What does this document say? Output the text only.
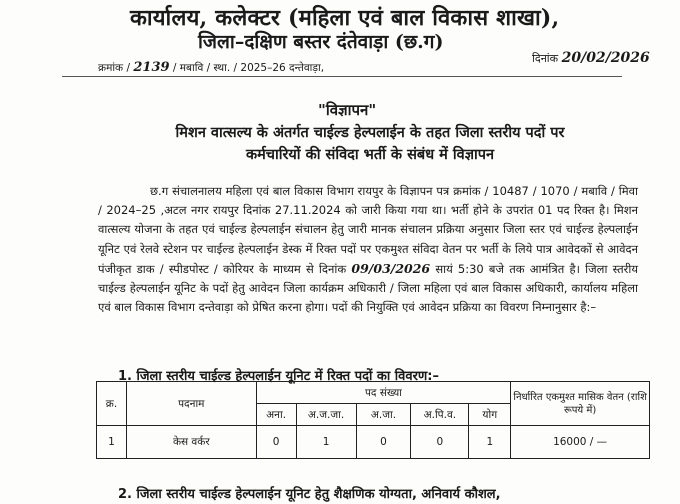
कार्यालय, कलेक्टर (महिला एवं बाल विकास शाखा),
जिला–दक्षिण बस्तर दंतेवाड़ा (छ.ग)
क्रमांक / 2139 / मबावि / स्था. / 2025–26 दन्तेवाड़ा,
दिनांक 20/02/2026
"विज्ञापन"
मिशन वात्सल्य के अंतर्गत चाईल्ड हेल्पलाईन के तहत जिला स्तरीय पदों पर
कर्मचारियों की संविदा भर्ती के संबंध में विज्ञापन
छ.ग संचालनालय महिला एवं बाल विकास विभाग रायपुर के विज्ञापन पत्र क्रमांक / 10487 / 1070 / मबावि / मिवा / 2024–25 ,अटल नगर रायपुर दिनांक 27.11.2024 को जारी किया गया था। भर्ती होने के उपरांत 01 पद रिक्त है। मिशन वात्सल्य योजना के तहत एवं चाईल्ड हेल्पलाईन संचालन हेतु जारी मानक संचालन प्रक्रिया अनुसार जिला स्तर एवं चाईल्ड हेल्पलाईन यूनिट एवं रेलवे स्टेशन पर चाईल्ड हेल्पलाईन डेस्क में रिक्त पदों पर एकमुश्त संविदा वेतन पर भर्ती के लिये पात्र आवेदकों से आवेदन पंजीकृत डाक / स्पीडपोस्ट / कोरियर के माध्यम से दिनांक 09/03/2026 सायं 5:30 बजे तक आमंत्रित है। जिला स्तरीय चाईल्ड हेल्पलाईन यूनिट के पदों हेतु आवेदन जिला कार्यक्रम अधिकारी / जिला महिला एवं बाल विकास अधिकारी, कार्यालय महिला एवं बाल विकास विभाग दन्तेवाड़ा को प्रेषित करना होगा। पदों की नियुक्ति एवं आवेदन प्रक्रिया का विवरण निम्नानुसार है:–
1. जिला स्तरीय चाईल्ड हेल्पलाईन यूनिट में रिक्त पदों का विवरण:–
क्र.	पदनाम	पद संख्या					निर्धारित एकमुश्त मासिक वेतन (राशि रूपये में)
		अना.	अ.ज.जा.	अ.जा.	अ.पि.व.	योग	
1	केस वर्कर	0	1	0	0	1	16000 / —
2. जिला स्तरीय चाईल्ड हेल्पलाईन यूनिट हेतु शैक्षणिक योग्यता, अनिवार्य कौशल,
